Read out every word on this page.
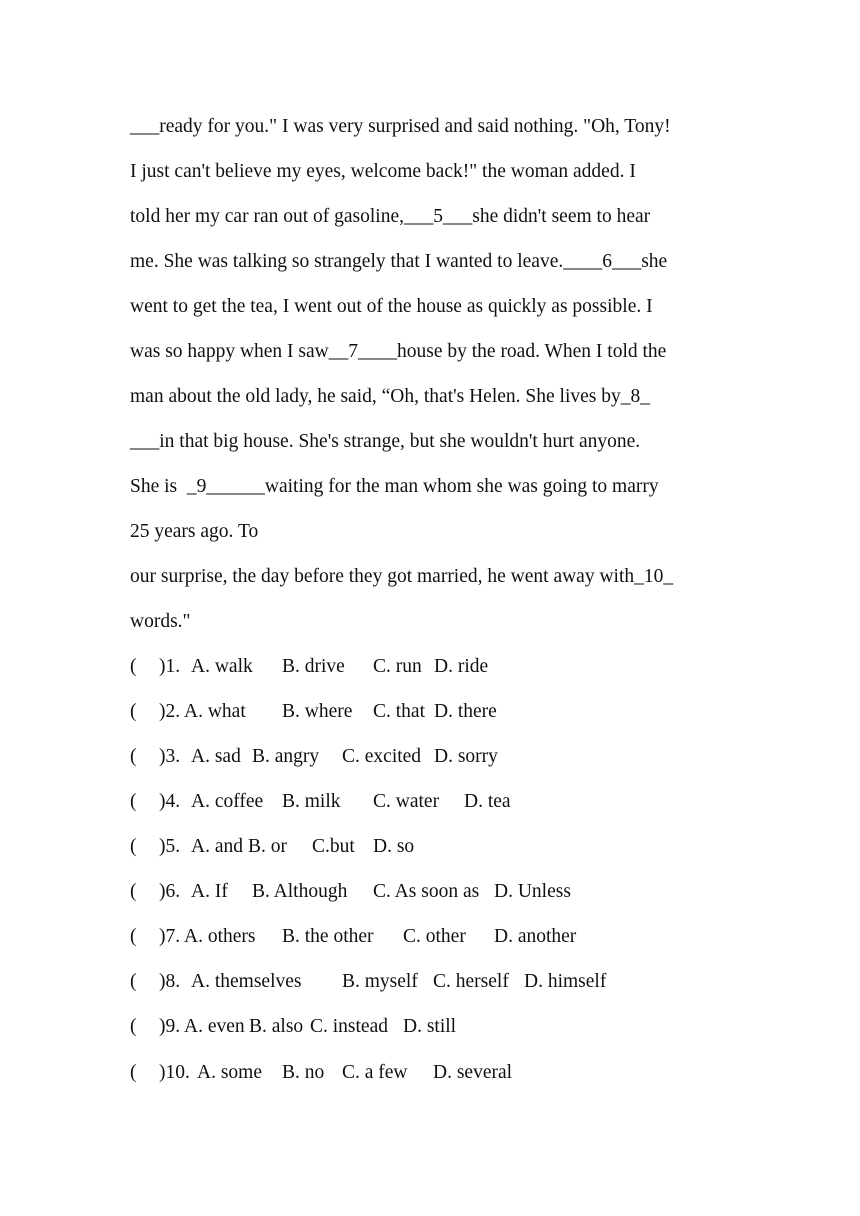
___ready for you." I was very surprised and said nothing. "Oh, Tony!
I just can't believe my eyes, welcome back!" the woman added. I
told her my car ran out of gasoline,___5___she didn't seem to hear
me. She was talking so strangely that I wanted to leave.____6___she
went to get the tea, I went out of the house as quickly as possible. I
was so happy when I saw__7____house by the road. When I told the
man about the old lady, he said, “Oh, that's Helen. She lives by_8_
___in that big house. She's strange, but she wouldn't hurt anyone.
She is  _9______waiting for the man whom she was going to marry
25 years ago. To
our surprise, the day before they got married, he went away with_10_
words."
( )1. A. walk B. drive C. run D. ride
( )2. A. what B. where C. that D. there
( )3. A. sad B. angry C. excited D. sorry
( )4. A. coffee B. milk C. water D. tea
( )5. A. and B. or C.but D. so
( )6. A. If B. Although C. As soon as D. Unless
( )7. A. others B. the other C. other D. another
( )8. A. themselves B. myself C. herself D. himself
( )9. A. even B. also C. instead D. still
( )10. A. some B. no C. a few D. several
